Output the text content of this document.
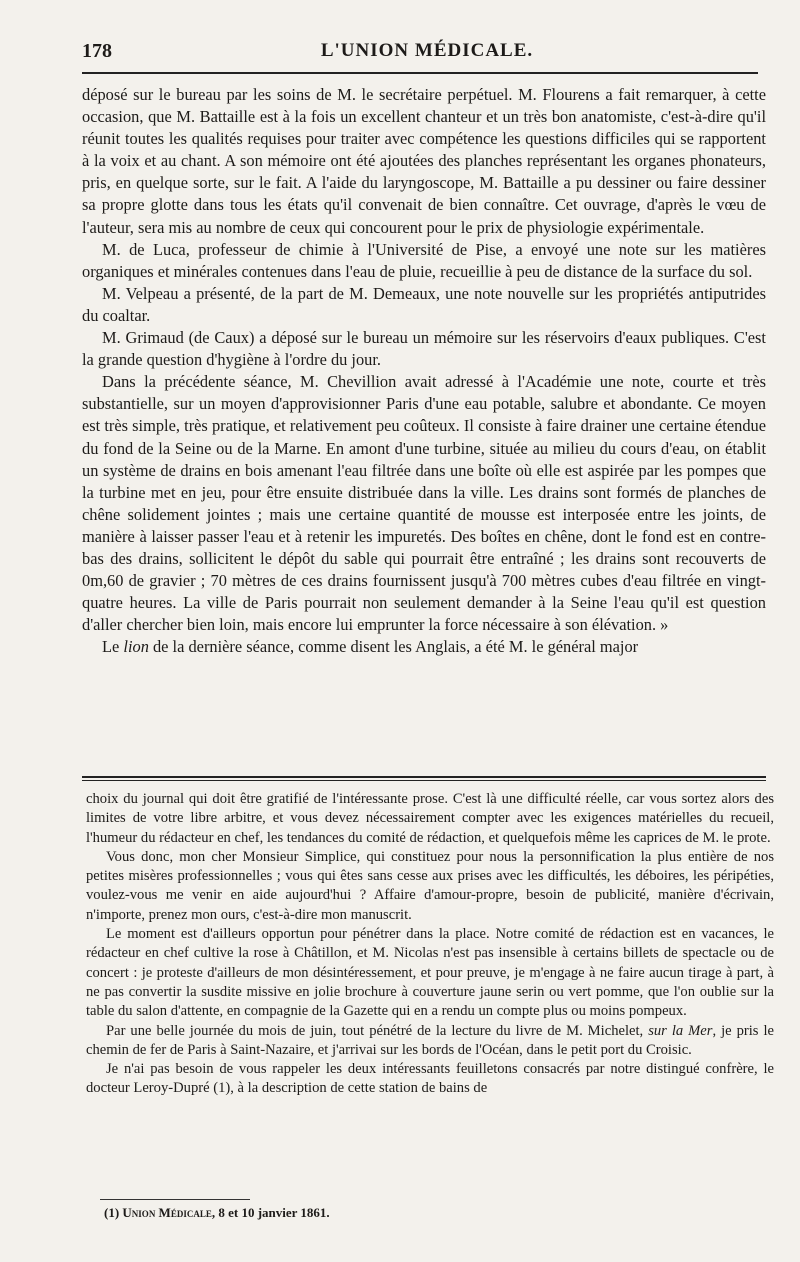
178	L'UNION MÉDICALE.

déposé sur le bureau par les soins de M. le secrétaire perpétuel. M. Flourens a fait remarquer, à cette occasion, que M. Battaille est à la fois un excellent chanteur et un très bon anatomiste, c'est-à-dire qu'il réunit toutes les qualités requises pour traiter avec compétence les questions difficiles qui se rapportent à la voix et au chant. A son mémoire ont été ajoutées des planches représentant les organes phonateurs, pris, en quelque sorte, sur le fait. A l'aide du laryngoscope, M. Battaille a pu dessiner ou faire dessiner sa propre glotte dans tous les états qu'il convenait de bien connaître. Cet ouvrage, d'après le vœu de l'auteur, sera mis au nombre de ceux qui concourent pour le prix de physiologie expérimentale.

M. de Luca, professeur de chimie à l'Université de Pise, a envoyé une note sur les matières organiques et minérales contenues dans l'eau de pluie, recueillie à peu de distance de la surface du sol.

M. Velpeau a présenté, de la part de M. Demeaux, une note nouvelle sur les propriétés antiputrides du coaltar.

M. Grimaud (de Caux) a déposé sur le bureau un mémoire sur les réservoirs d'eaux publiques. C'est la grande question d'hygiène à l'ordre du jour.

Dans la précédente séance, M. Chevillion avait adressé à l'Académie une note, courte et très substantielle, sur un moyen d'approvisionner Paris d'une eau potable, salubre et abondante. Ce moyen est très simple, très pratique, et relativement peu coûteux. Il consiste à faire drainer une certaine étendue du fond de la Seine ou de la Marne. En amont d'une turbine, située au milieu du cours d'eau, on établit un système de drains en bois amenant l'eau filtrée dans une boîte où elle est aspirée par les pompes que la turbine met en jeu, pour être ensuite distribuée dans la ville. Les drains sont formés de planches de chêne solidement jointes ; mais une certaine quantité de mousse est interposée entre les joints, de manière à laisser passer l'eau et à retenir les impuretés. Des boîtes en chêne, dont le fond est en contre-bas des drains, sollicitent le dépôt du sable qui pourrait être entraîné ; les drains sont recouverts de 0m,60 de gravier ; 70 mètres de ces drains fournissent jusqu'à 700 mètres cubes d'eau filtrée en vingt-quatre heures. La ville de Paris pourrait non seulement demander à la Seine l'eau qu'il est question d'aller chercher bien loin, mais encore lui emprunter la force nécessaire à son élévation. »

Le lion de la dernière séance, comme disent les Anglais, a été M. le général major

choix du journal qui doit être gratifié de l'intéressante prose. C'est là une difficulté réelle, car vous sortez alors des limites de votre libre arbitre, et vous devez nécessairement compter avec les exigences matérielles du recueil, l'humeur du rédacteur en chef, les tendances du comité de rédaction, et quelquefois même les caprices de M. le prote.

Vous donc, mon cher Monsieur Simplice, qui constituez pour nous la personnification la plus entière de nos petites misères professionnelles ; vous qui êtes sans cesse aux prises avec les difficultés, les déboires, les péripéties, voulez-vous me venir en aide aujourd'hui ? Affaire d'amour-propre, besoin de publicité, manière d'écrivain, n'importe, prenez mon ours, c'est-à-dire mon manuscrit.

Le moment est d'ailleurs opportun pour pénétrer dans la place. Notre comité de rédaction est en vacances, le rédacteur en chef cultive la rose à Châtillon, et M. Nicolas n'est pas insensible à certains billets de spectacle ou de concert : je proteste d'ailleurs de mon désintéressement, et pour preuve, je m'engage à ne faire aucun tirage à part, à ne pas convertir la susdite missive en jolie brochure à couverture jaune serin ou vert pomme, que l'on oublie sur la table du salon d'attente, en compagnie de la Gazette qui en a rendu un compte plus ou moins pompeux.

Par une belle journée du mois de juin, tout pénétré de la lecture du livre de M. Michelet, sur la Mer, je pris le chemin de fer de Paris à Saint-Nazaire, et j'arrivai sur les bords de l'Océan, dans le petit port du Croisic.

Je n'ai pas besoin de vous rappeler les deux intéressants feuilletons consacrés par notre distingué confrère, le docteur Leroy-Dupré (1), à la description de cette station de bains de

(1) Union Médicale, 8 et 10 janvier 1861.
